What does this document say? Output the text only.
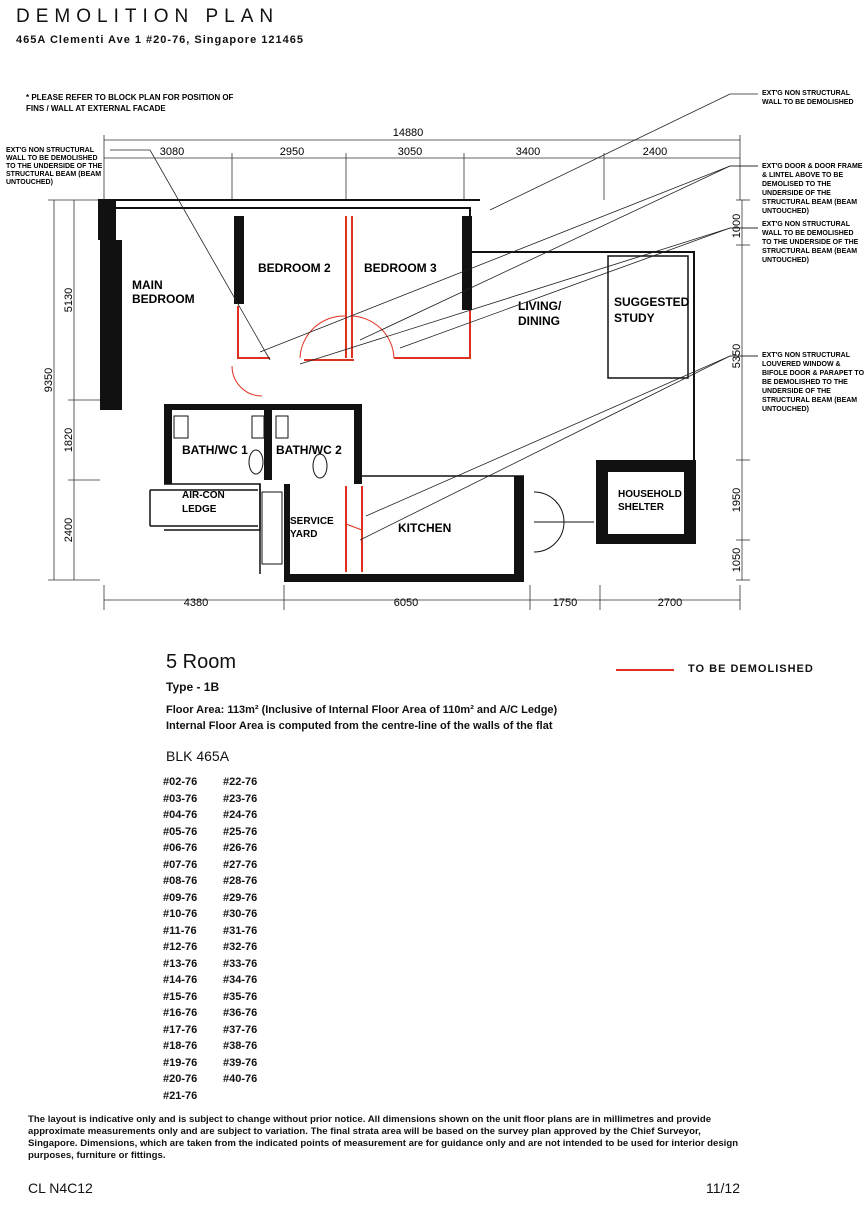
DEMOLITION PLAN
465A Clementi Ave 1 #20-76, Singapore 121465
* PLEASE REFER TO BLOCK PLAN FOR POSITION OF
FINS / WALL AT EXTERNAL FACADE
14880
3080	2950	3050	3400	2400
4380	6050	1750	2700
5130
1820
2400
9350
1000
5350
1950
1050
MAIN
BEDROOM
BEDROOM 2	BEDROOM 3
LIVING/
DINING
SUGGESTED
STUDY
BATH/WC 1 BATH/WC 2
KITCHEN
AIR-CON
LEDGE
SERVICE
YARD
HOUSEHOLD
SHELTER
EXT'G NON STRUCTURAL
WALL TO BE DEMOLISHED
TO THE UNDERSIDE OF THE
STRUCTURAL BEAM (BEAM
UNTOUCHED)
EXT'G NON STRUCTURAL
WALL TO BE DEMOLISHED
EXT'G DOOR & DOOR FRAME
& LINTEL ABOVE TO BE
DEMOLISED TO THE
UNDERSIDE OF THE
STRUCTURAL BEAM (BEAM
UNTOUCHED)
EXT'G NON STRUCTURAL
WALL TO BE DEMOLISHED
TO THE UNDERSIDE OF THE
STRUCTURAL BEAM (BEAM
UNTOUCHED)
EXT'G NON STRUCTURAL
LOUVERED WINDOW &
BIFOLE DOOR & PARAPET TO
BE DEMOLISHED TO THE
UNDERSIDE OF THE
STRUCTURAL BEAM (BEAM
UNTOUCHED)
TO BE DEMOLISHED
5 Room
Type - 1B
Floor Area: 113m² (Inclusive of Internal Floor Area of 110m² and A/C Ledge)
Internal Floor Area is computed from the centre-line of the walls of the flat
BLK 465A
#02-76
#03-76
#04-76
#05-76
#06-76
#07-76
#08-76
#09-76
#10-76
#11-76
#12-76
#13-76
#14-76
#15-76
#16-76
#17-76
#18-76
#19-76
#20-76
#21-76
#22-76
#23-76
#24-76
#25-76
#26-76
#27-76
#28-76
#29-76
#30-76
#31-76
#32-76
#33-76
#34-76
#35-76
#36-76
#37-76
#38-76
#39-76
#40-76
The layout is indicative only and is subject to change without prior notice. All dimensions shown on the unit floor plans are in millimetres and provide approximate measurements only and are subject to variation. The final strata area will be based on the survey plan approved by the Chief Surveyor, Singapore. Dimensions, which are taken from the indicated points of measurement are for guidance only and are not intended to be used for interior design purposes, furniture or fittings.
CL N4C12	11/12
